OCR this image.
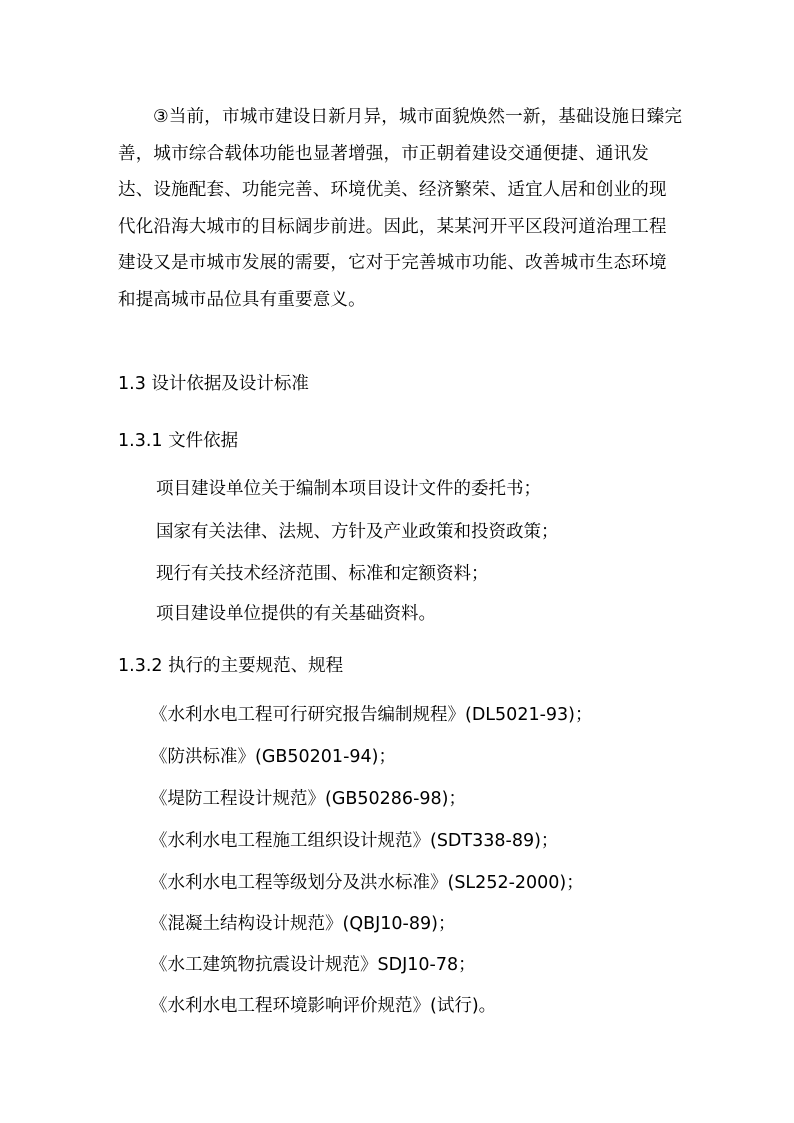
③当前，市城市建设日新月异，城市面貌焕然一新，基础设施日臻完善，城市综合载体功能也显著增强，市正朝着建设交通便捷、通讯发达、设施配套、功能完善、环境优美、经济繁荣、适宜人居和创业的现代化沿海大城市的目标阔步前进。因此，某某河开平区段河道治理工程建设又是市城市发展的需要，它对于完善城市功能、改善城市生态环境和提高城市品位具有重要意义。
1.3 设计依据及设计标准
1.3.1 文件依据
项目建设单位关于编制本项目设计文件的委托书；
国家有关法律、法规、方针及产业政策和投资政策；
现行有关技术经济范围、标准和定额资料；
项目建设单位提供的有关基础资料。
1.3.2 执行的主要规范、规程
《水利水电工程可行研究报告编制规程》(DL5021-93)；
《防洪标准》(GB50201-94)；
《堤防工程设计规范》(GB50286-98)；
《水利水电工程施工组织设计规范》(SDT338-89)；
《水利水电工程等级划分及洪水标准》(SL252-2000)；
《混凝土结构设计规范》(QBJ10-89)；
《水工建筑物抗震设计规范》SDJ10-78；
《水利水电工程环境影响评价规范》(试行)。
